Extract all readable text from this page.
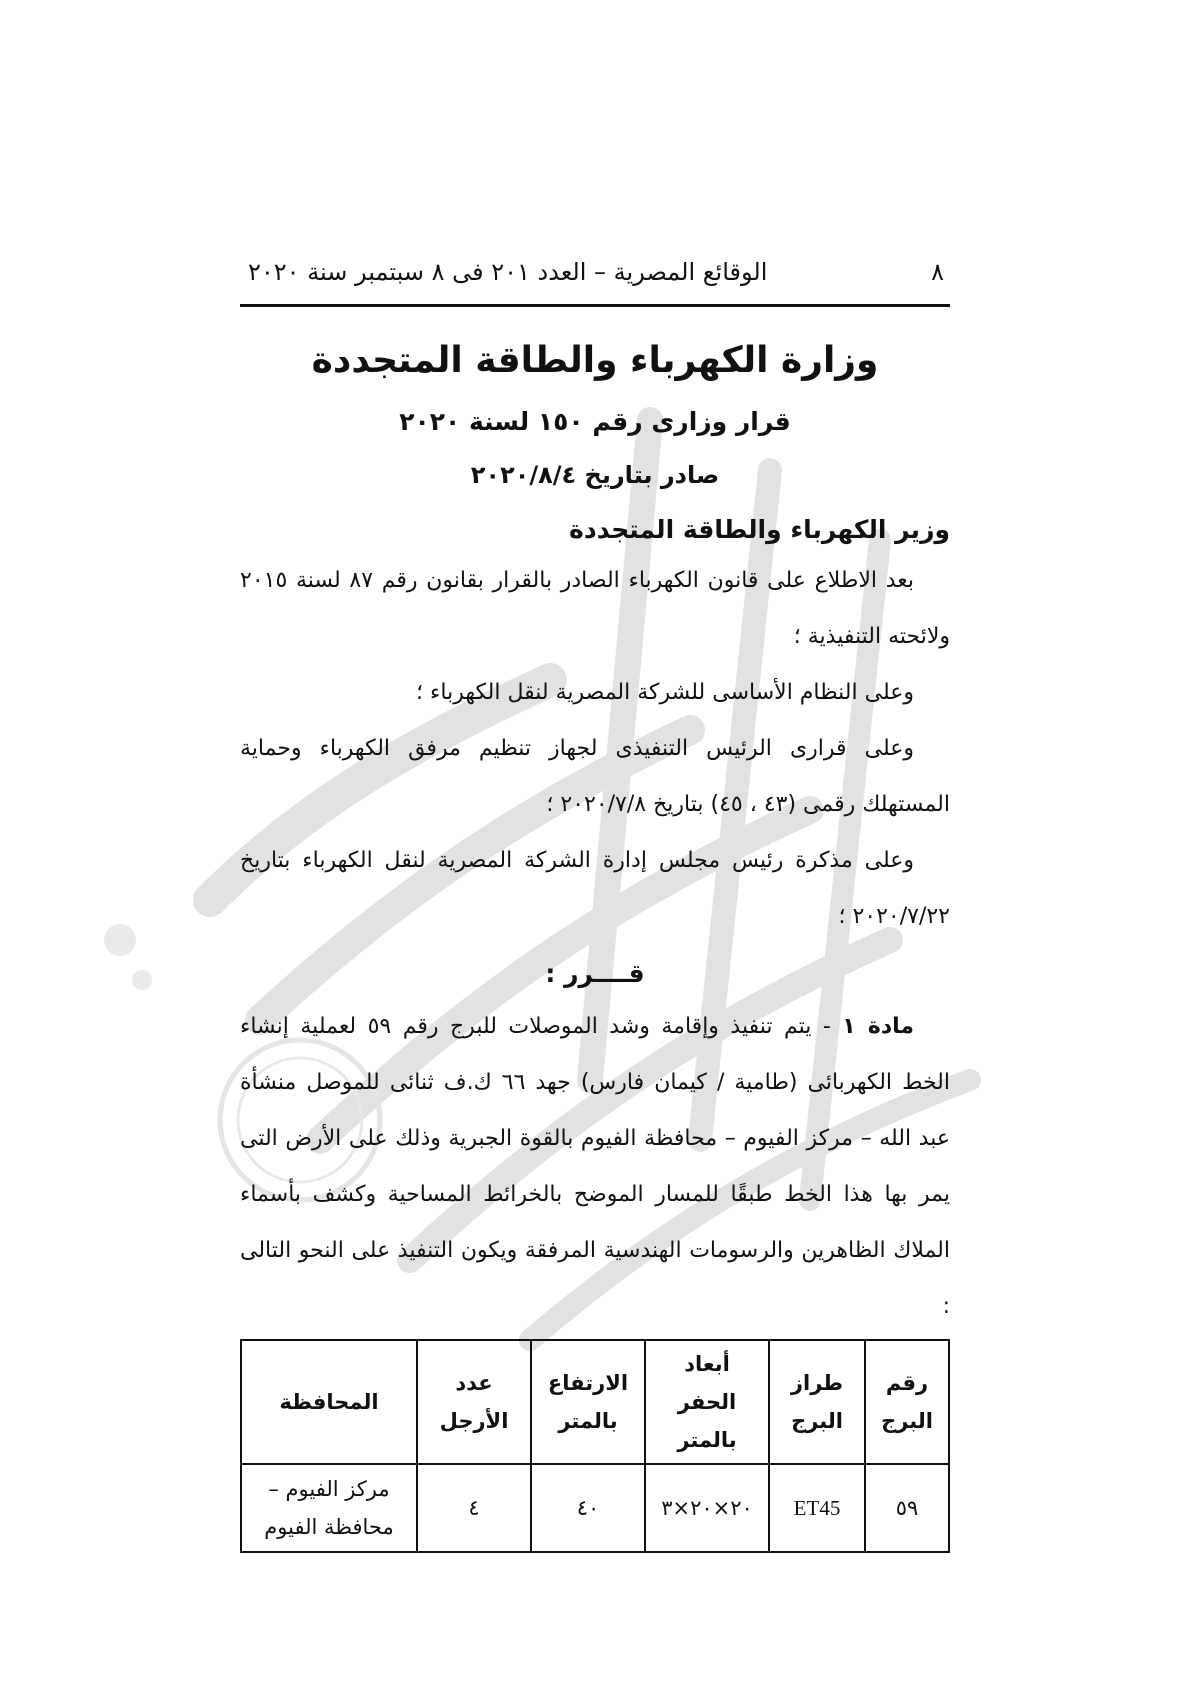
٨
الوقائع المصرية – العدد ٢٠١ فى ٨ سبتمبر سنة ٢٠٢٠
وزارة الكهرباء والطاقة المتجددة
قرار وزارى رقم ١٥٠ لسنة ٢٠٢٠
صادر بتاريخ ٢٠٢٠/٨/٤
وزير الكهرباء والطاقة المتجددة

بعد الاطلاع على قانون الكهرباء الصادر بالقرار بقانون رقم ٨٧ لسنة ٢٠١٥ ولائحته التنفيذية ؛

وعلى النظام الأساسى للشركة المصرية لنقل الكهرباء ؛

وعلى قرارى الرئيس التنفيذى لجهاز تنظيم مرفق الكهرباء وحماية المستهلك رقمى (٤٣ ، ٤٥) بتاريخ ٢٠٢٠/٧/٨ ؛

وعلى مذكرة رئيس مجلس إدارة الشركة المصرية لنقل الكهرباء بتاريخ ٢٠٢٠/٧/٢٢ ؛

قــــرر :

مادة ١ - يتم تنفيذ وإقامة وشد الموصلات للبرج رقم ٥٩ لعملية إنشاء الخط الكهربائى (طامية / كيمان فارس) جهد ٦٦ ك.ف ثنائى للموصل منشأة عبد الله – مركز الفيوم – محافظة الفيوم بالقوة الجبرية وذلك على الأرض التى يمر بها هذا الخط طبقًا للمسار الموضح بالخرائط المساحية وكشف بأسماء الملاك الظاهرين والرسومات الهندسية المرفقة ويكون التنفيذ على النحو التالى :

رقم البرج	طراز البرج	أبعاد الحفر بالمتر	الارتفاع بالمتر	عدد الأرجل	المحافظة
٥٩	ET45	٢٠×٢٠×٣	٤٠	٤	مركز الفيوم – محافظة الفيوم
